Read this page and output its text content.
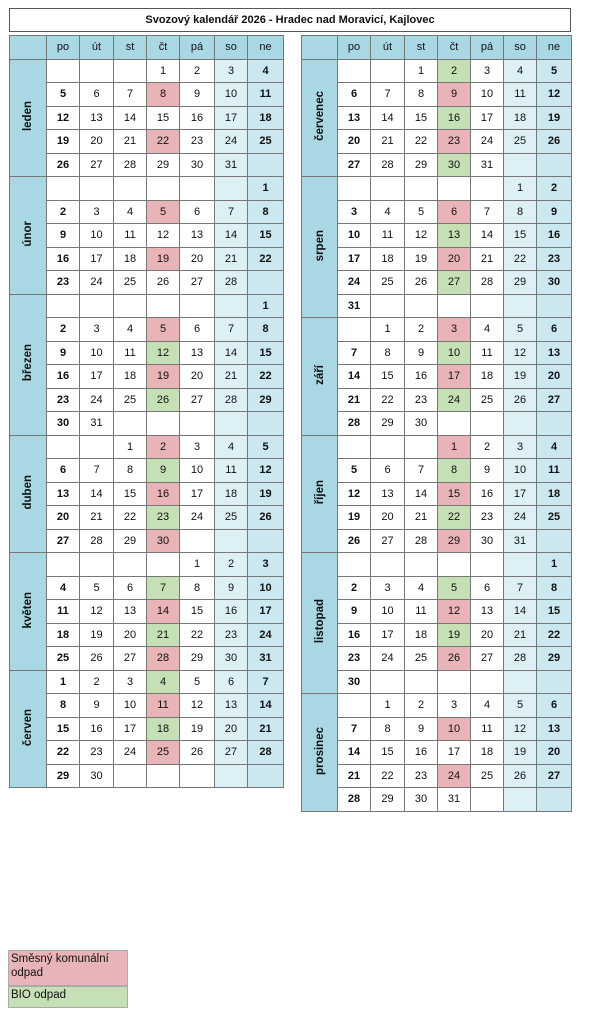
Svozový kalendář 2026 - Hradec nad Moravicí, Kajlovec
	po	út	st	čt	pá	so	ne
leden				1	2	3	4
	5	6	7	8	9	10	11
	12	13	14	15	16	17	18
	19	20	21	22	23	24	25
	26	27	28	29	30	31	
únor							1
	2	3	4	5	6	7	8
	9	10	11	12	13	14	15
	16	17	18	19	20	21	22
	23	24	25	26	27	28	
březen							1
	2	3	4	5	6	7	8
	9	10	11	12	13	14	15
	16	17	18	19	20	21	22
	23	24	25	26	27	28	29
	30	31					
duben			1	2	3	4	5
	6	7	8	9	10	11	12
	13	14	15	16	17	18	19
	20	21	22	23	24	25	26
	27	28	29	30			
květen					1	2	3
	4	5	6	7	8	9	10
	11	12	13	14	15	16	17
	18	19	20	21	22	23	24
	25	26	27	28	29	30	31
červen	1	2	3	4	5	6	7
	8	9	10	11	12	13	14
	15	16	17	18	19	20	21
	22	23	24	25	26	27	28
	29	30					
	po	út	st	čt	pá	so	ne
červenec			1	2	3	4	5
	6	7	8	9	10	11	12
	13	14	15	16	17	18	19
	20	21	22	23	24	25	26
	27	28	29	30	31		
srpen						1	2
	3	4	5	6	7	8	9
	10	11	12	13	14	15	16
	17	18	19	20	21	22	23
	24	25	26	27	28	29	30
	31						
září		1	2	3	4	5	6
	7	8	9	10	11	12	13
	14	15	16	17	18	19	20
	21	22	23	24	25	26	27
	28	29	30				
říjen				1	2	3	4
	5	6	7	8	9	10	11
	12	13	14	15	16	17	18
	19	20	21	22	23	24	25
	26	27	28	29	30	31	
listopad							1
	2	3	4	5	6	7	8
	9	10	11	12	13	14	15
	16	17	18	19	20	21	22
	23	24	25	26	27	28	29
	30						
prosinec		1	2	3	4	5	6
	7	8	9	10	11	12	13
	14	15	16	17	18	19	20
	21	22	23	24	25	26	27
	28	29	30	31			
Směsný komunální odpad
BIO odpad
